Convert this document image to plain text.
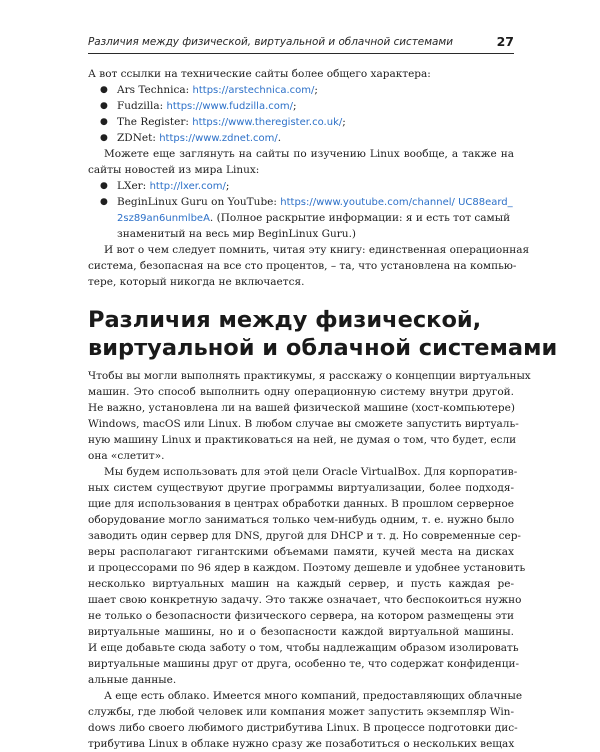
Различия между физической, виртуальной и облачной системами	27
А вот ссылки на технические сайты более общего характера:
● Ars Technica: https://arstechnica.com/;
● Fudzilla: https://www.fudzilla.com/;
● The Register: https://www.theregister.co.uk/;
● ZDNet: https://www.zdnet.com/.
Можете еще заглянуть на сайты по изучению Linux вообще, а также на
сайты новостей из мира Linux:
● LXer: http://lxer.com/;
● BeginLinux Guru on YouTube: https://www.youtube.com/channel/ UC88eard_
2sz89an6unmlbeA. (Полное раскрытие информации: я и есть тот самый
знаменитый на весь мир BeginLinux Guru.)
И вот о чем следует помнить, читая эту книгу: единственная операционная
система, безопасная на все сто процентов, – та, что установлена на компью-
тере, который никогда не включается.
Различия между физической,
виртуальной и облачной системами
Чтобы вы могли выполнять практикумы, я расскажу о концепции виртуальных
машин. Это способ выполнить одну операционную систему внутри другой.
Не важно, установлена ли на вашей физической машине (хост-компьютере)
Windows, macOS или Linux. В любом случае вы сможете запустить виртуаль-
ную машину Linux и практиковаться на ней, не думая о том, что будет, если
она «слетит».
Мы будем использовать для этой цели Oracle VirtualBox. Для корпоратив-
ных систем существуют другие программы виртуализации, более подходя-
щие для использования в центрах обработки данных. В прошлом серверное
оборудование могло заниматься только чем-нибудь одним, т. е. нужно было
заводить один сервер для DNS, другой для DHCP и т. д. Но современные сер-
веры располагают гигантскими объемами памяти, кучей места на дисках
и процессорами по 96 ядер в каждом. Поэтому дешевле и удобнее установить
несколько виртуальных машин на каждый сервер, и пусть каждая ре-
шает свою конкретную задачу. Это также означает, что беспокоиться нужно
не только о безопасности физического сервера, на котором размещены эти
виртуальные машины, но и о безопасности каждой виртуальной машины.
И еще добавьте сюда заботу о том, чтобы надлежащим образом изолировать
виртуальные машины друг от друга, особенно те, что содержат конфиденци-
альные данные.
А еще есть облако. Имеется много компаний, предоставляющих облачные
службы, где любой человек или компания может запустить экземпляр Win-
dows либо своего любимого дистрибутива Linux. В процессе подготовки дис-
трибутива Linux в облаке нужно сразу же позаботиться о нескольких вещах
